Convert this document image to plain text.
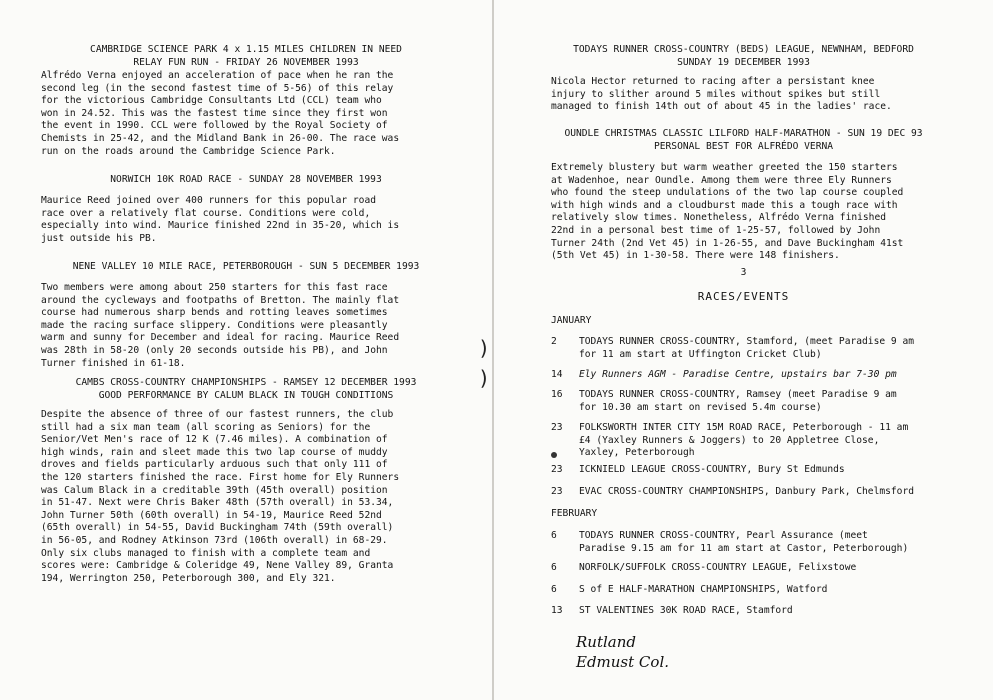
CAMBRIDGE SCIENCE PARK 4 x 1.15 MILES CHILDREN IN NEED
RELAY FUN RUN - FRIDAY 26 NOVEMBER 1993
Alfrédo Verna enjoyed an acceleration of pace when he ran the
second leg (in the second fastest time of 5-56) of this relay
for the victorious Cambridge Consultants Ltd (CCL) team who
won in 24.52. This was the fastest time since they first won
the event in 1990. CCL were followed by the Royal Society of
Chemists in 25-42, and the Midland Bank in 26-00. The race was
run on the roads around the Cambridge Science Park.
NORWICH 10K ROAD RACE - SUNDAY 28 NOVEMBER 1993
Maurice Reed joined over 400 runners for this popular road
race over a relatively flat course. Conditions were cold,
especially into wind. Maurice finished 22nd in 35-20, which is
just outside his PB.
NENE VALLEY 10 MILE RACE, PETERBOROUGH - SUN 5 DECEMBER 1993
Two members were among about 250 starters for this fast race
around the cycleways and footpaths of Bretton. The mainly flat
course had numerous sharp bends and rotting leaves sometimes
made the racing surface slippery. Conditions were pleasantly
warm and sunny for December and ideal for racing. Maurice Reed
was 28th in 58-20 (only 20 seconds outside his PB), and John
Turner finished in 61-18.
CAMBS CROSS-COUNTRY CHAMPIONSHIPS - RAMSEY 12 DECEMBER 1993
GOOD PERFORMANCE BY CALUM BLACK IN TOUGH CONDITIONS
Despite the absence of three of our fastest runners, the club
still had a six man team (all scoring as Seniors) for the
Senior/Vet Men's race of 12 K (7.46 miles). A combination of
high winds, rain and sleet made this two lap course of muddy
droves and fields particularly arduous such that only 111 of
the 120 starters finished the race. First home for Ely Runners
was Calum Black in a creditable 39th (45th overall) position
in 51-47. Next were Chris Baker 48th (57th overall) in 53.34,
John Turner 50th (60th overall) in 54-19, Maurice Reed 52nd
(65th overall) in 54-55, David Buckingham 74th (59th overall)
in 56-05, and Rodney Atkinson 73rd (106th overall) in 68-29.
Only six clubs managed to finish with a complete team and
scores were: Cambridge & Coleridge 49, Nene Valley 89, Granta
194, Werrington 250, Peterborough 300, and Ely 321.
)
)
TODAYS RUNNER CROSS-COUNTRY (BEDS) LEAGUE, NEWNHAM, BEDFORD
SUNDAY 19 DECEMBER 1993
Nicola Hector returned to racing after a persistant knee
injury to slither around 5 miles without spikes but still
managed to finish 14th out of about 45 in the ladies' race.
OUNDLE CHRISTMAS CLASSIC LILFORD HALF-MARATHON - SUN 19 DEC 93
PERSONAL BEST FOR ALFRÉDO VERNA
Extremely blustery but warm weather greeted the 150 starters
at Wadenhoe, near Oundle. Among them were three Ely Runners
who found the steep undulations of the two lap course coupled
with high winds and a cloudburst made this a tough race with
relatively slow times. Nonetheless, Alfrédo Verna finished
22nd in a personal best time of 1-25-57, followed by John
Turner 24th (2nd Vet 45) in 1-26-55, and Dave Buckingham 41st
(5th Vet 45) in 1-30-58. There were 148 finishers.
3
RACES/EVENTS
JANUARY
2	TODAYS RUNNER CROSS-COUNTRY, Stamford, (meet Paradise 9 am
for 11 am start at Uffington Cricket Club)
14	Ely Runners AGM - Paradise Centre, upstairs bar 7-30 pm
16	TODAYS RUNNER CROSS-COUNTRY, Ramsey (meet Paradise 9 am
for 10.30 am start on revised 5.4m course)
23	FOLKSWORTH INTER CITY 15M ROAD RACE, Peterborough - 11 am
£4 (Yaxley Runners & Joggers) to 20 Appletree Close,
Yaxley, Peterborough
23	ICKNIELD LEAGUE CROSS-COUNTRY, Bury St Edmunds
23	EVAC CROSS-COUNTRY CHAMPIONSHIPS, Danbury Park, Chelmsford
FEBRUARY
6	TODAYS RUNNER CROSS-COUNTRY, Pearl Assurance (meet
Paradise 9.15 am for 11 am start at Castor, Peterborough)
6	NORFOLK/SUFFOLK CROSS-COUNTRY LEAGUE, Felixstowe
6	S of E HALF-MARATHON CHAMPIONSHIPS, Watford
13	ST VALENTINES 30K ROAD RACE, Stamford
Rutland
Edmust Col.
